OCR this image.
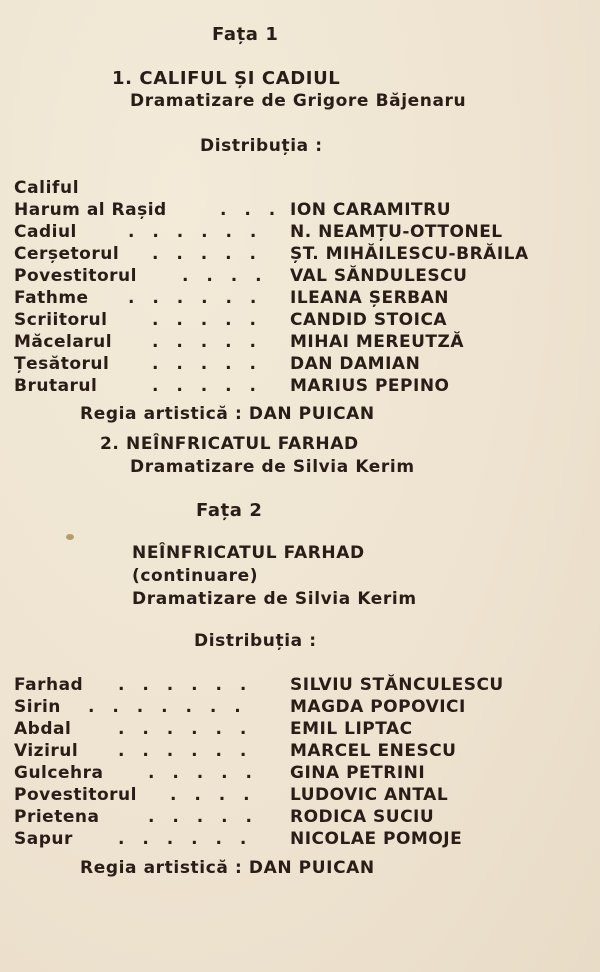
Fața 1
1. CALIFUL ȘI CADIUL
Dramatizare de Grigore Băjenaru
Distribuția :
Califul
Harum al Rașid	. . . ION CARAMITRU
Cadiul	. . . . . . N. NEAMȚU-OTTONEL
Cerșetorul . . . . . ȘT. MIHĂILESCU-BRĂILA
Povestitorul	. . . . VAL SĂNDULESCU
Fathme . . . . . . ILEANA ȘERBAN
Scriitorul	. . . . . CANDID STOICA
Măcelarul . . . . . MIHAI MEREUTZĂ
Țesătorul	. . . . . DAN DAMIAN
Brutarul	. . . . . MARIUS PEPINO
Regia artistică : DAN PUICAN
2. NEÎNFRICATUL FARHAD
Dramatizare de Silvia Kerim
Fața 2
NEÎNFRICATUL FARHAD
(continuare)
Dramatizare de Silvia Kerim
Distribuția :
Farhad . . . . . . SILVIU STĂNCULESCU
Sirin . . . . . . .	MAGDA POPOVICI
Abdal	. . . . . . EMIL LIPTAC
Vizirul . . . . . . MARCEL ENESCU
Gulcehra	. . . . . GINA PETRINI
Povestitorul . . . . LUDOVIC ANTAL
Prietena	. . . . . RODICA SUCIU
Sapur	. . . . . . NICOLAE POMOJE
Regia artistică : DAN PUICAN
